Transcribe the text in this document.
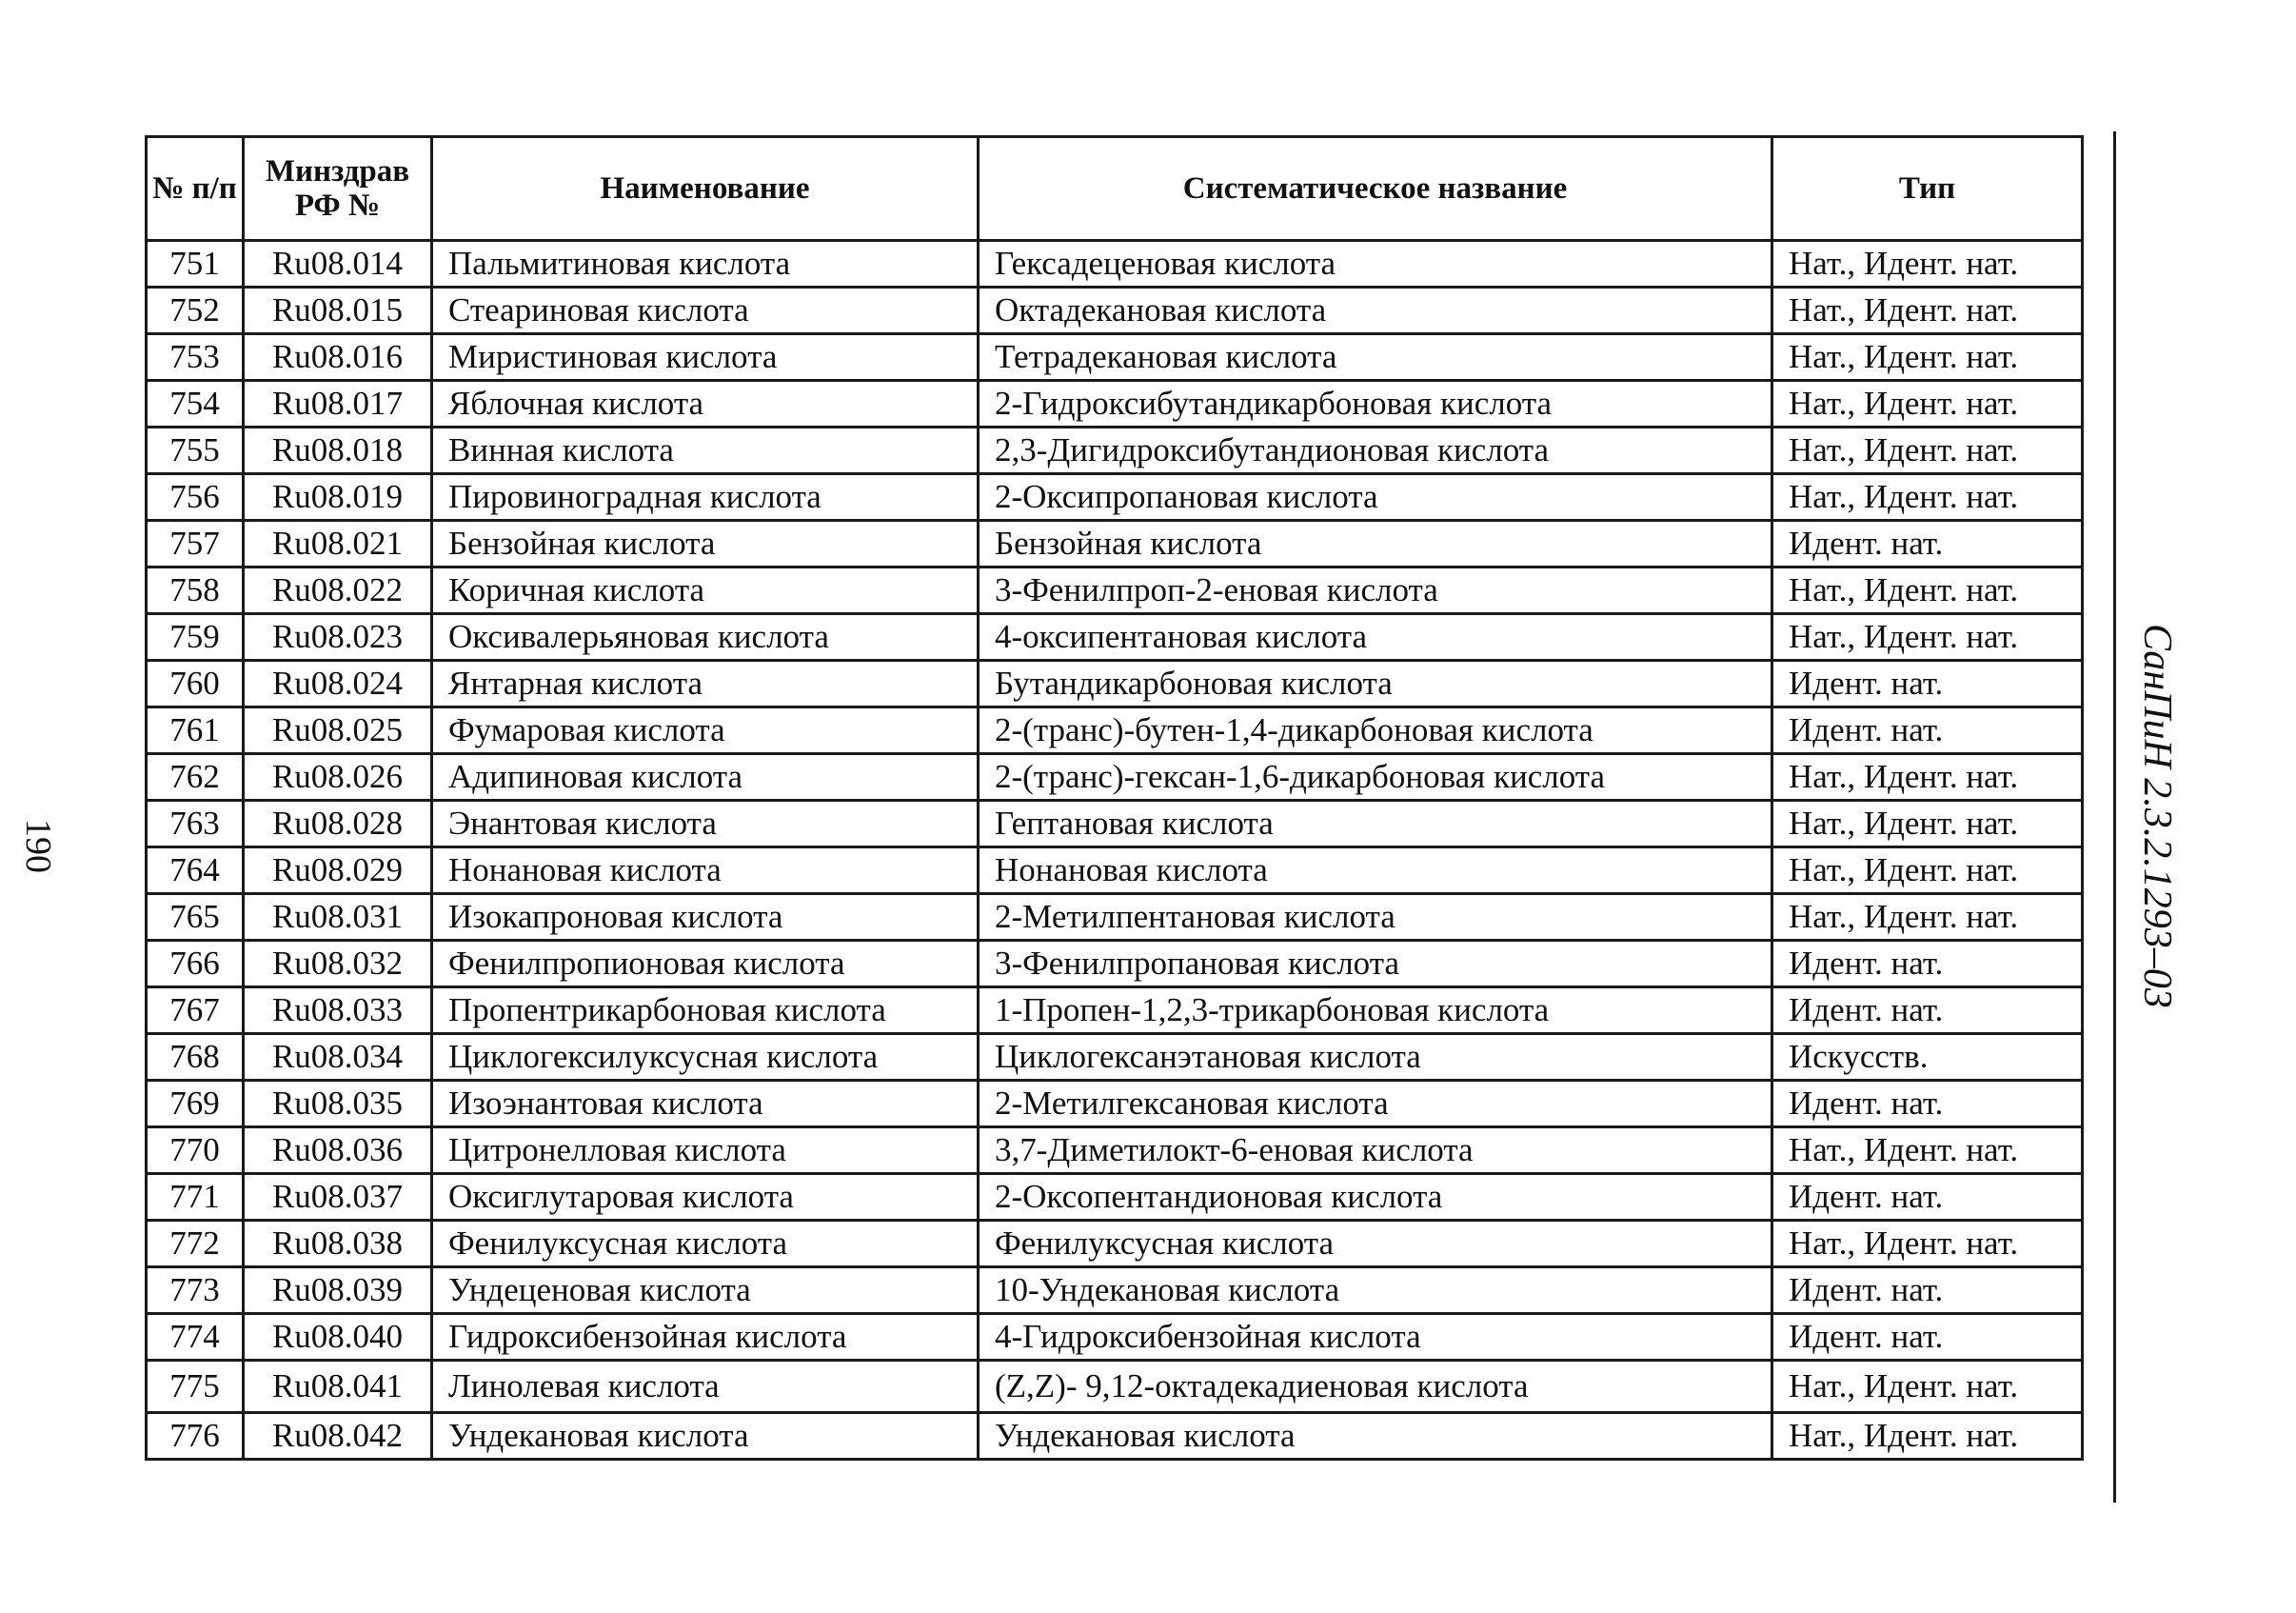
190	СанПиН 2.3.2.1293–03
№ п/п	Минздрав РФ №	Наименование	Систематическое название	Тип
751	Ru08.014	Пальмитиновая кислота	Гексадеценовая кислота	Нат., Идент. нат.
752	Ru08.015	Стеариновая кислота	Октадекановая кислота	Нат., Идент. нат.
753	Ru08.016	Миристиновая кислота	Тетрадекановая кислота	Нат., Идент. нат.
754	Ru08.017	Яблочная кислота	2-Гидроксибутандикарбоновая кислота	Нат., Идент. нат.
755	Ru08.018	Винная кислота	2,3-Дигидроксибутандионовая кислота	Нат., Идент. нат.
756	Ru08.019	Пировиноградная кислота	2-Оксипропановая кислота	Нат., Идент. нат.
757	Ru08.021	Бензойная кислота	Бензойная кислота	Идент. нат.
758	Ru08.022	Коричная кислота	3-Фенилпроп-2-еновая кислота	Нат., Идент. нат.
759	Ru08.023	Оксивалерьяновая кислота	4-оксипентановая кислота	Нат., Идент. нат.
760	Ru08.024	Янтарная кислота	Бутандикарбоновая кислота	Идент. нат.
761	Ru08.025	Фумаровая кислота	2-(транс)-бутен-1,4-дикарбоновая кислота	Идент. нат.
762	Ru08.026	Адипиновая кислота	2-(транс)-гексан-1,6-дикарбоновая кислота	Нат., Идент. нат.
763	Ru08.028	Энантовая кислота	Гептановая кислота	Нат., Идент. нат.
764	Ru08.029	Нонановая кислота	Нонановая кислота	Нат., Идент. нат.
765	Ru08.031	Изокапроновая кислота	2-Метилпентановая кислота	Нат., Идент. нат.
766	Ru08.032	Фенилпропионовая кислота	3-Фенилпропановая кислота	Идент. нат.
767	Ru08.033	Пропентрикарбоновая кислота	1-Пропен-1,2,3-трикарбоновая кислота	Идент. нат.
768	Ru08.034	Циклогексилуксусная кислота	Циклогексанэтановая кислота	Искусств.
769	Ru08.035	Изоэнантовая кислота	2-Метилгексановая кислота	Идент. нат.
770	Ru08.036	Цитронелловая кислота	3,7-Диметилокт-6-еновая кислота	Нат., Идент. нат.
771	Ru08.037	Оксиглутаровая кислота	2-Оксопентандионовая кислота	Идент. нат.
772	Ru08.038	Фенилуксусная кислота	Фенилуксусная кислота	Нат., Идент. нат.
773	Ru08.039	Ундеценовая кислота	10-Ундекановая кислота	Идент. нат.
774	Ru08.040	Гидроксибензойная кислота	4-Гидроксибензойная кислота	Идент. нат.
775	Ru08.041	Линолевая кислота	(Z,Z)- 9,12-октадекадиеновая кислота	Нат., Идент. нат.
776	Ru08.042	Ундекановая кислота	Ундекановая кислота	Нат., Идент. нат.
